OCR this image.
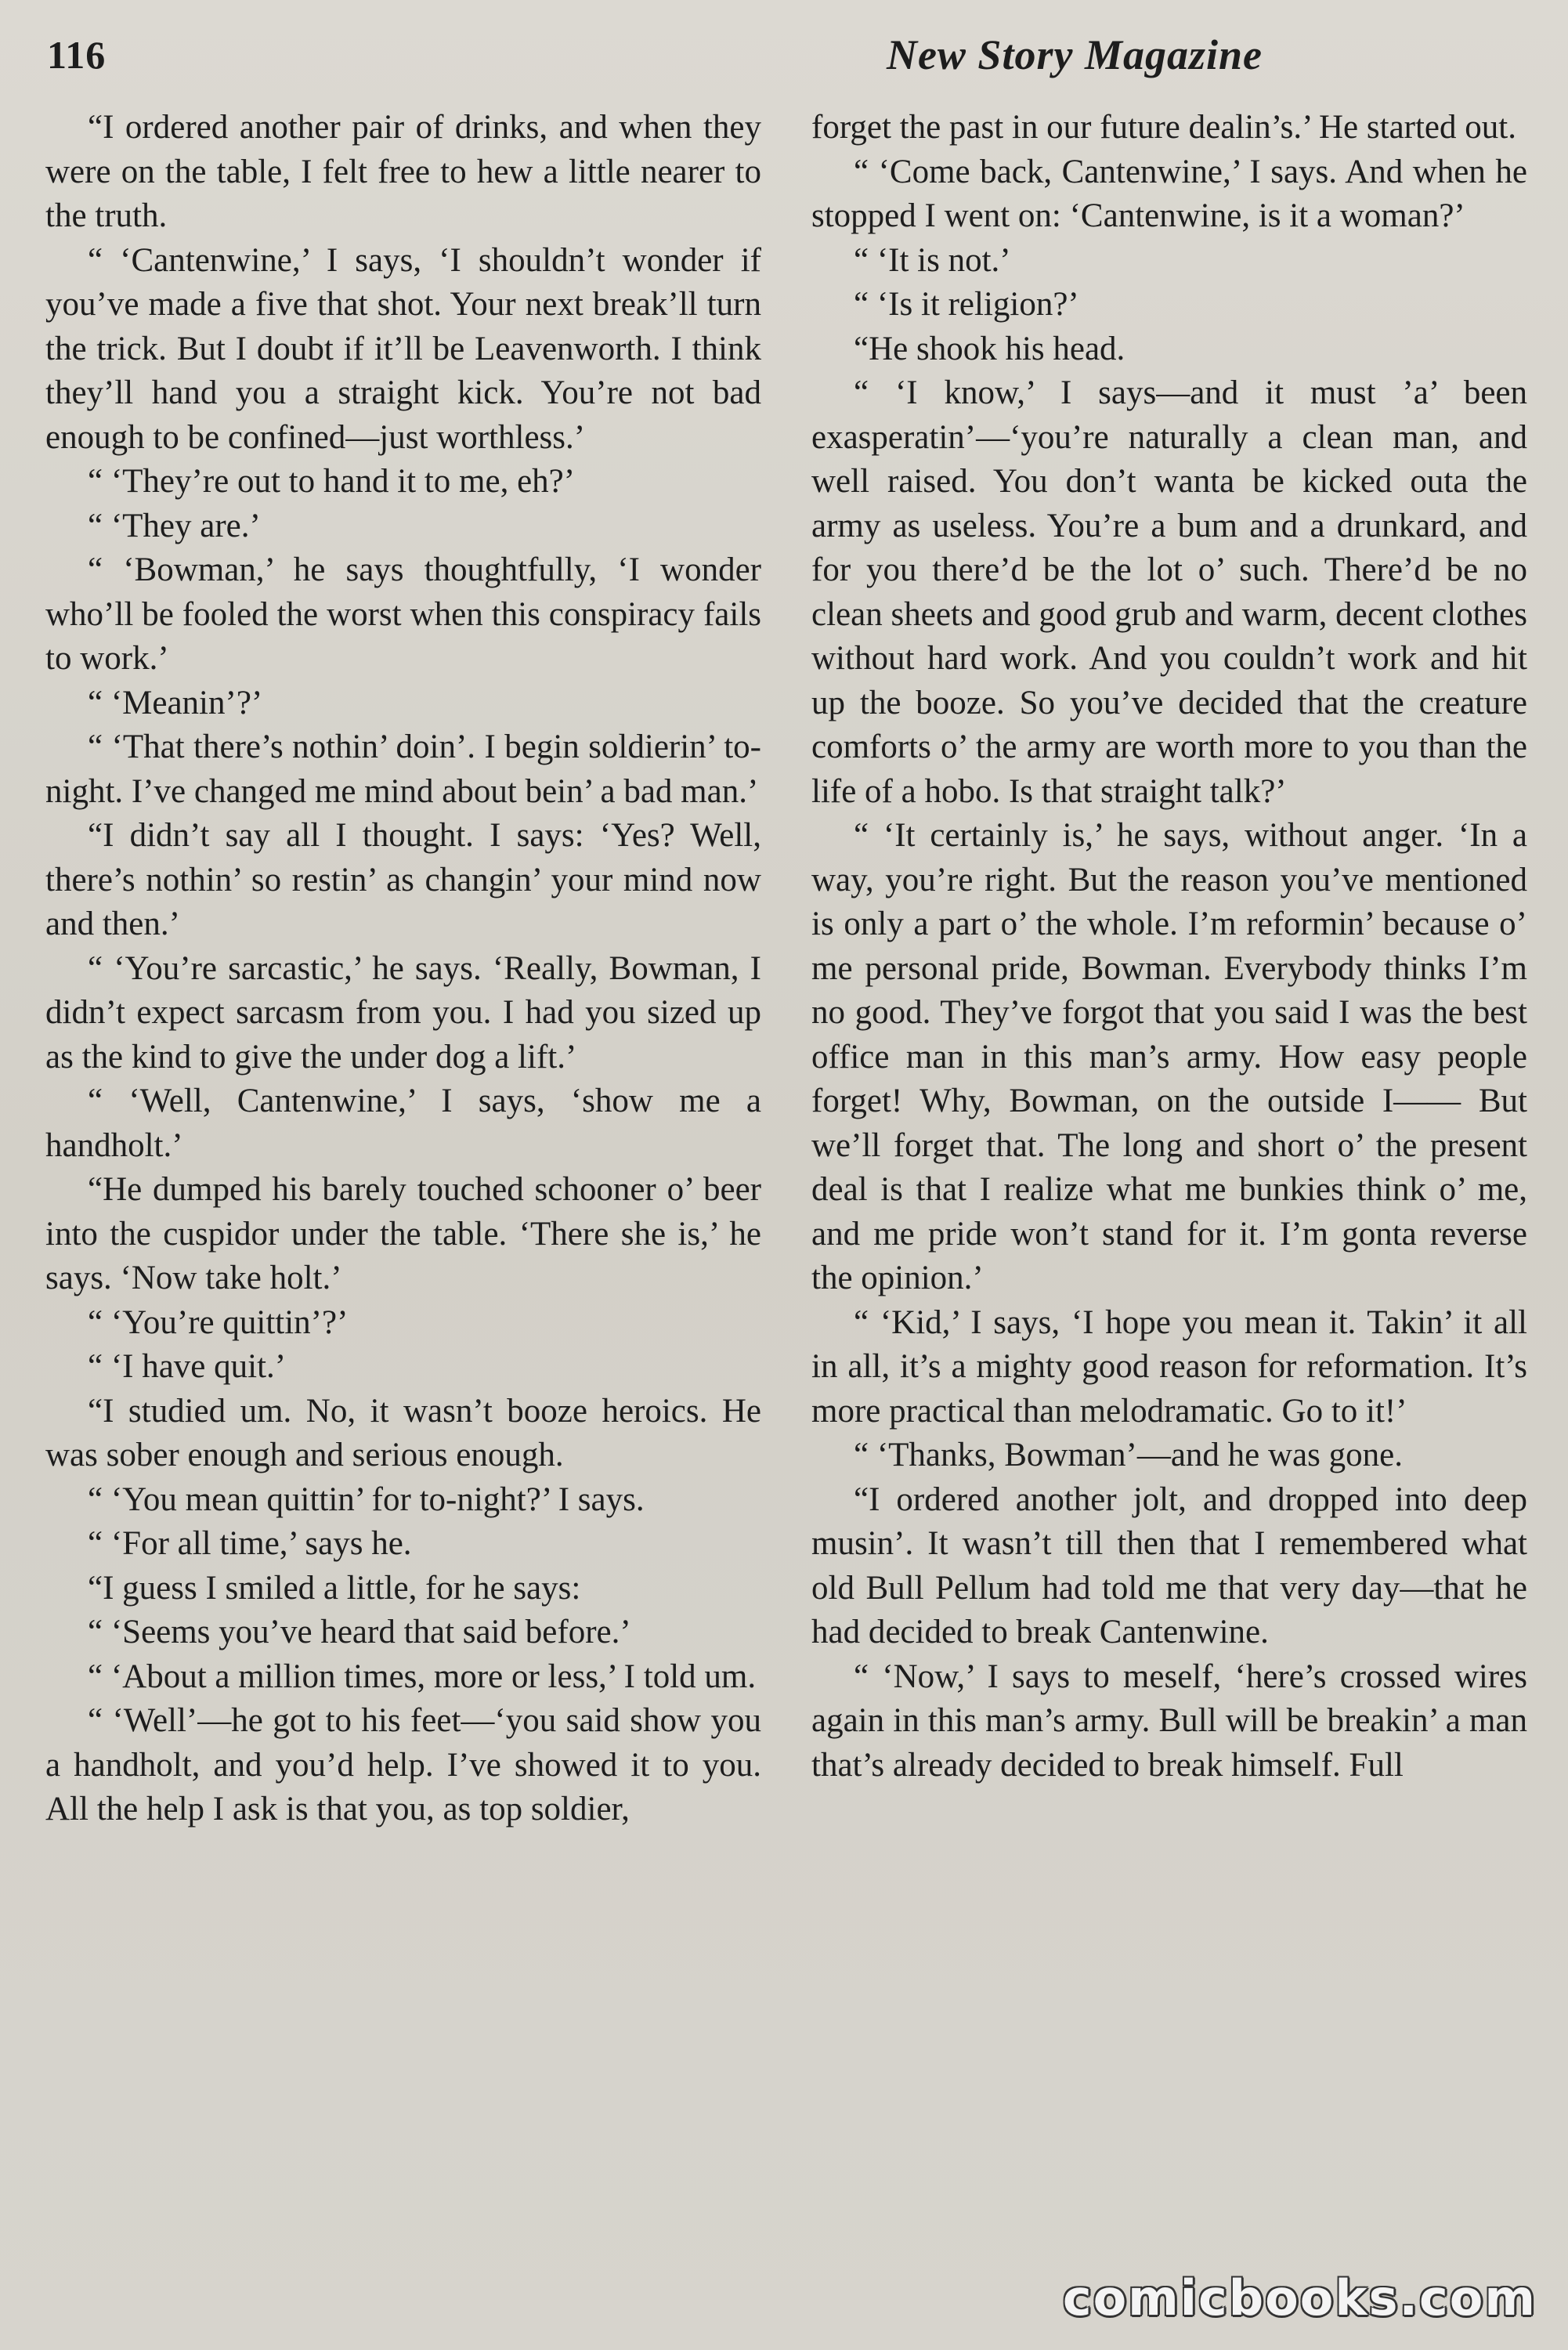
116	New Story Magazine

“I ordered another pair of drinks, and when they were on the table, I felt free to hew a little nearer to the truth.

“ ‘Cantenwine,’ I says, ‘I shouldn’t wonder if you’ve made a five that shot. Your next break’ll turn the trick. But I doubt if it’ll be Leavenworth. I think they’ll hand you a straight kick. You’re not bad enough to be confined—just worthless.’

“ ‘They’re out to hand it to me, eh?’

“ ‘They are.’

“ ‘Bowman,’ he says thoughtfully, ‘I wonder who’ll be fooled the worst when this conspiracy fails to work.’

“ ‘Meanin’?’

“ ‘That there’s nothin’ doin’. I begin soldierin’ to-night. I’ve changed me mind about bein’ a bad man.’

“I didn’t say all I thought. I says: ‘Yes? Well, there’s nothin’ so restin’ as changin’ your mind now and then.’

“ ‘You’re sarcastic,’ he says. ‘Really, Bowman, I didn’t expect sarcasm from you. I had you sized up as the kind to give the under dog a lift.’

“ ‘Well, Cantenwine,’ I says, ‘show me a handholt.’

“He dumped his barely touched schooner o’ beer into the cuspidor under the table. ‘There she is,’ he says. ‘Now take holt.’

“ ‘You’re quittin’?’

“ ‘I have quit.’

“I studied um. No, it wasn’t booze heroics. He was sober enough and serious enough.

“ ‘You mean quittin’ for to-night?’ I says.

“ ‘For all time,’ says he.

“I guess I smiled a little, for he says:

“ ‘Seems you’ve heard that said before.’

“ ‘About a million times, more or less,’ I told um.

“ ‘Well’—he got to his feet—‘you said show you a handholt, and you’d help. I’ve showed it to you. All the help I ask is that you, as top soldier,

forget the past in our future dealin’s.’ He started out.

“ ‘Come back, Cantenwine,’ I says. And when he stopped I went on: ‘Cantenwine, is it a woman?’

“ ‘It is not.’

“ ‘Is it religion?’

“He shook his head.

“ ‘I know,’ I says—and it must ’a’ been exasperatin’—‘you’re naturally a clean man, and well raised. You don’t wanta be kicked outa the army as useless. You’re a bum and a drunkard, and for you there’d be the lot o’ such. There’d be no clean sheets and good grub and warm, decent clothes without hard work. And you couldn’t work and hit up the booze. So you’ve decided that the creature comforts o’ the army are worth more to you than the life of a hobo. Is that straight talk?’

“ ‘It certainly is,’ he says, without anger. ‘In a way, you’re right. But the reason you’ve mentioned is only a part o’ the whole. I’m reformin’ because o’ me personal pride, Bowman. Everybody thinks I’m no good. They’ve forgot that you said I was the best office man in this man’s army. How easy people forget! Why, Bowman, on the outside I—— But we’ll forget that. The long and short o’ the present deal is that I realize what me bunkies think o’ me, and me pride won’t stand for it. I’m gonta reverse the opinion.’

“ ‘Kid,’ I says, ‘I hope you mean it. Takin’ it all in all, it’s a mighty good reason for reformation. It’s more practical than melodramatic. Go to it!’

“ ‘Thanks, Bowman’—and he was gone.

“I ordered another jolt, and dropped into deep musin’. It wasn’t till then that I remembered what old Bull Pellum had told me that very day—that he had decided to break Cantenwine.

“ ‘Now,’ I says to meself, ‘here’s crossed wires again in this man’s army. Bull will be breakin’ a man that’s already decided to break himself. Full

comicbooks.com
